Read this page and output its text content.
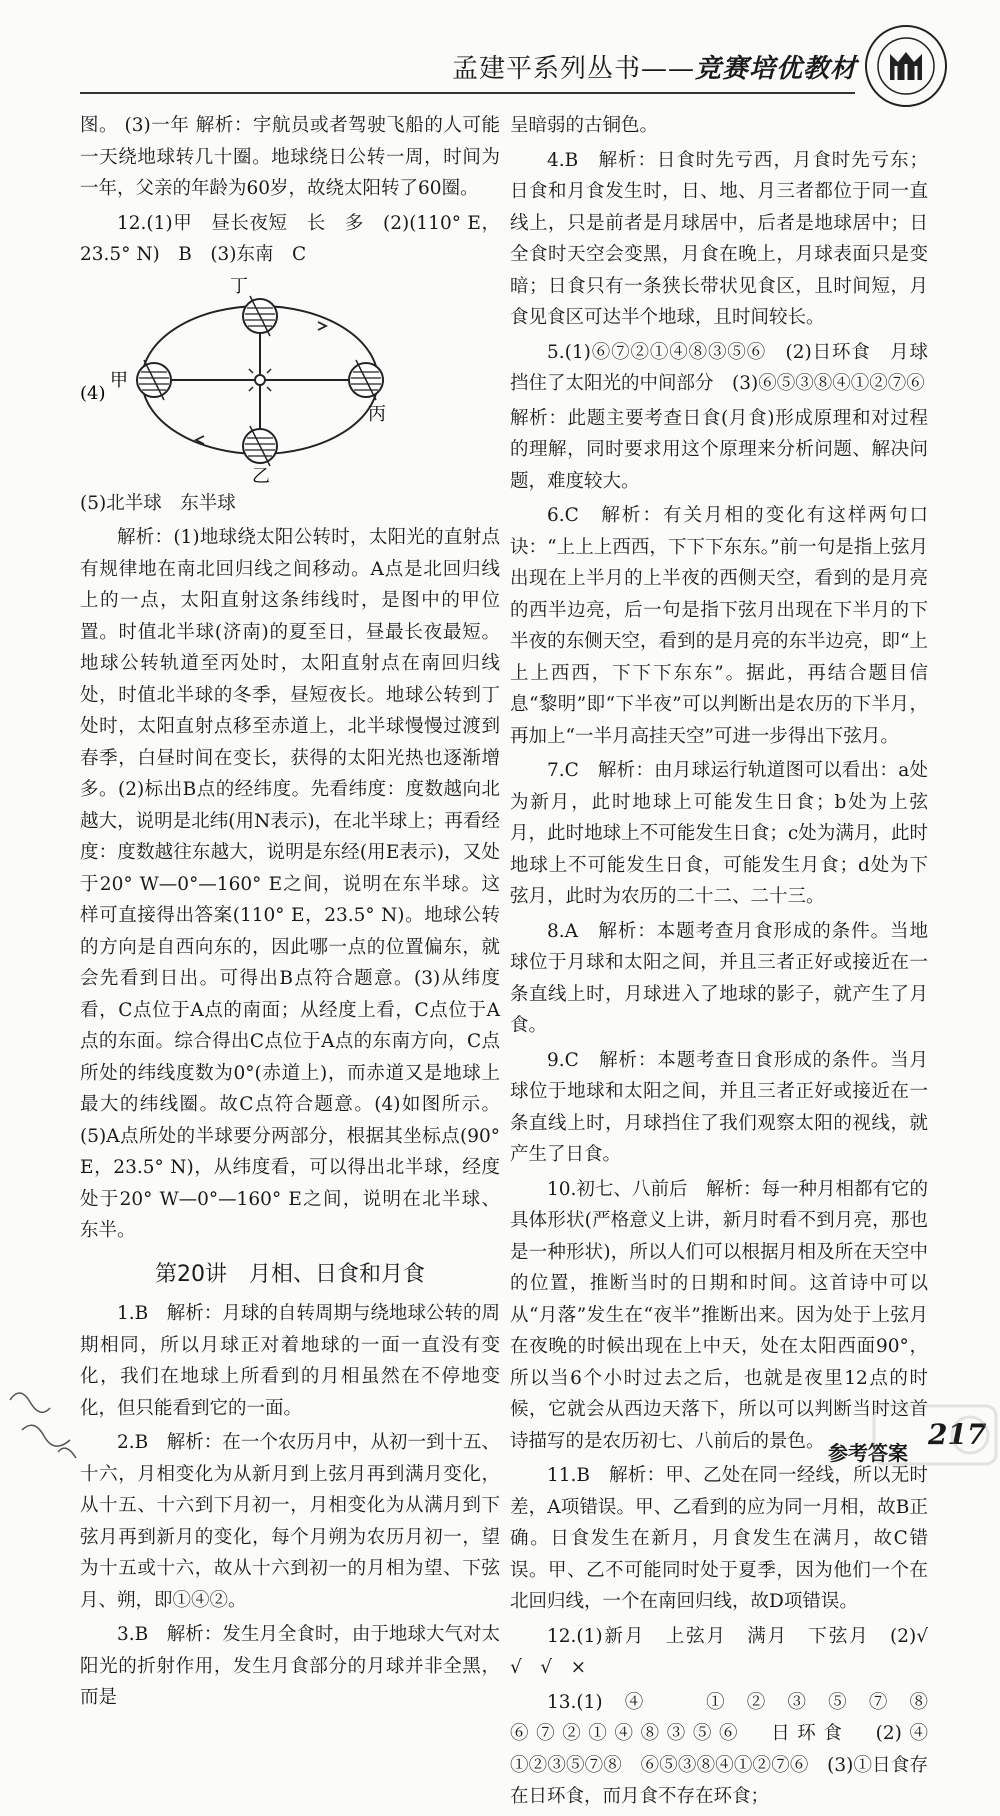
孟建平系列丛书——竞赛培优教材

图。 (3)一年 解析：宇航员或者驾驶飞船的人可能一天绕地球转几十圈。地球绕日公转一周，时间为一年，父亲的年龄为60岁，故绕太阳转了60圈。

12.(1)甲　昼长夜短　长　多　(2)(110° E，23.5° N)　B　(3)东南　C

(4)
丁
甲
丙
乙

(5)北半球　东半球

解析：(1)地球绕太阳公转时，太阳光的直射点有规律地在南北回归线之间移动。A点是北回归线上的一点，太阳直射这条纬线时，是图中的甲位置。时值北半球(济南)的夏至日，昼最长夜最短。地球公转轨道至丙处时，太阳直射点在南回归线处，时值北半球的冬季，昼短夜长。地球公转到丁处时，太阳直射点移至赤道上，北半球慢慢过渡到春季，白昼时间在变长，获得的太阳光热也逐渐增多。(2)标出B点的经纬度。先看纬度：度数越向北越大，说明是北纬(用N表示)，在北半球上；再看经度：度数越往东越大，说明是东经(用E表示)，又处于20° W—0°—160° E之间，说明在东半球。这样可直接得出答案(110° E，23.5° N)。地球公转的方向是自西向东的，因此哪一点的位置偏东，就会先看到日出。可得出B点符合题意。(3)从纬度看，C点位于A点的南面；从经度上看，C点位于A点的东面。综合得出C点位于A点的东南方向，C点所处的纬线度数为0°(赤道上)，而赤道又是地球上最大的纬线圈。故C点符合题意。(4)如图所示。(5)A点所处的半球要分两部分，根据其坐标点(90° E，23.5° N)，从纬度看，可以得出北半球，经度处于20° W—0°—160° E之间，说明在北半球、东半。

第20讲　月相、日食和月食

1.B　解析：月球的自转周期与绕地球公转的周期相同，所以月球正对着地球的一面一直没有变化，我们在地球上所看到的月相虽然在不停地变化，但只能看到它的一面。

2.B　解析：在一个农历月中，从初一到十五、十六，月相变化为从新月到上弦月再到满月变化，从十五、十六到下月初一，月相变化为从满月到下弦月再到新月的变化，每个月朔为农历月初一，望为十五或十六，故从十六到初一的月相为望、下弦月、朔，即①④②。

3.B　解析：发生月全食时，由于地球大气对太阳光的折射作用，发生月食部分的月球并非全黑，而是

呈暗弱的古铜色。

4.B　解析：日食时先亏西，月食时先亏东；日食和月食发生时，日、地、月三者都位于同一直线上，只是前者是月球居中，后者是地球居中；日全食时天空会变黑，月食在晚上，月球表面只是变暗；日食只有一条狭长带状见食区，且时间短，月食见食区可达半个地球，且时间较长。

5.(1)⑥⑦②①④⑧③⑤⑥　(2)日环食　月球挡住了太阳光的中间部分　(3)⑥⑤③⑧④①②⑦⑥

解析：此题主要考查日食(月食)形成原理和对过程的理解，同时要求用这个原理来分析问题、解决问题，难度较大。

6.C　解析：有关月相的变化有这样两句口诀：“上上上西西，下下下东东。”前一句是指上弦月出现在上半月的上半夜的西侧天空，看到的是月亮的西半边亮，后一句是指下弦月出现在下半月的下半夜的东侧天空，看到的是月亮的东半边亮，即“上上上西西，下下下东东”。据此，再结合题目信息“黎明”即“下半夜”可以判断出是农历的下半月，再加上“一半月高挂天空”可进一步得出下弦月。

7.C　解析：由月球运行轨道图可以看出：a处为新月，此时地球上可能发生日食；b处为上弦月，此时地球上不可能发生日食；c处为满月，此时地球上不可能发生日食，可能发生月食；d处为下弦月，此时为农历的二十二、二十三。

8.A　解析：本题考查月食形成的条件。当地球位于月球和太阳之间，并且三者正好或接近在一条直线上时，月球进入了地球的影子，就产生了月食。

9.C　解析：本题考查日食形成的条件。当月球位于地球和太阳之间，并且三者正好或接近在一条直线上时，月球挡住了我们观察太阳的视线，就产生了日食。

10.初七、八前后　解析：每一种月相都有它的具体形状(严格意义上讲，新月时看不到月亮，那也是一种形状)，所以人们可以根据月相及所在天空中的位置，推断当时的日期和时间。这首诗中可以从“月落”发生在“夜半”推断出来。因为处于上弦月在夜晚的时候出现在上中天，处在太阳西面90°，所以当6个小时过去之后，也就是夜里12点的时候，它就会从西边天落下，所以可以判断当时这首诗描写的是农历初七、八前后的景色。

11.B　解析：甲、乙处在同一经线，所以无时差，A项错误。甲、乙看到的应为同一月相，故B正确。日食发生在新月，月食发生在满月，故C错误。甲、乙不可能同时处于夏季，因为他们一个在北回归线，一个在南回归线，故D项错误。

12.(1)新月　上弦月　满月　下弦月　(2)√　√　√　×

13.(1)④　①②③⑤⑦⑧　⑥⑦②①④⑧③⑤⑥　日环食　(2)④　①②③⑤⑦⑧　⑥⑤③⑧④①②⑦⑥　(3)①日食存在日环食，而月食不存在环食；

参考答案
217
